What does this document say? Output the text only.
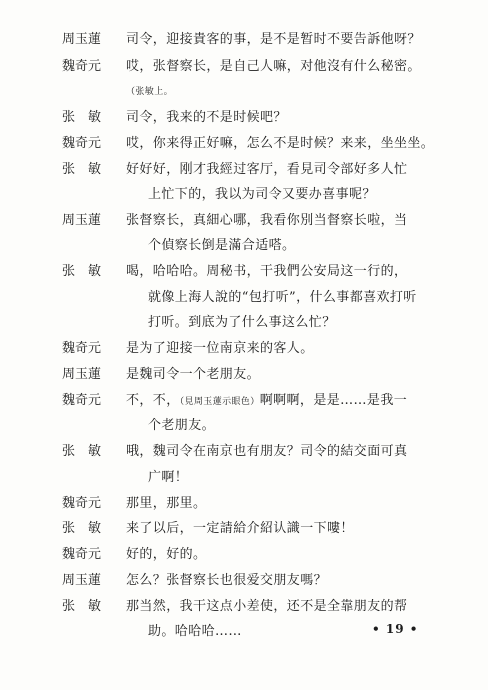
周玉蓮	司令，迎接貴客的事，是不是暂时不要告訴他呀？
魏奇元	哎，张督察长，是自己人嘛，对他沒有什么秘密。
（张敏上。
张　敏	司令，我来的不是时候吧？
魏奇元	哎，你来得正好嘛，怎么不是时候？来来，坐坐坐。
张　敏	好好好，刚才我經过客厅，看見司令部好多人忙
上忙下的，我以为司令又要办喜事呢？
周玉蓮	张督察长，真細心哪，我看你別当督察长啦，当
个偵察长倒是滿合适嗒。
张　敏	喝，哈哈哈。周秘书，干我們公安局这一行的，
就像上海人說的“包打听”，什么事都喜欢打听
打听。到底为了什么事这么忙？
魏奇元	是为了迎接一位南京来的客人。
周玉蓮	是魏司令一个老朋友。
魏奇元	不，不，（見周玉蓮示眼色）啊啊啊，是是……是我一
个老朋友。
张　敏	哦，魏司令在南京也有朋友？司令的結交面可真
广啊！
魏奇元	那里，那里。
张　敏	来了以后，一定請給介紹认識一下嘍！
魏奇元	好的，好的。
周玉蓮	怎么？张督察长也很爱交朋友嗎？
张　敏	那当然，我干这点小差使，还不是全靠朋友的帮
助。哈哈哈……	• 19 •
